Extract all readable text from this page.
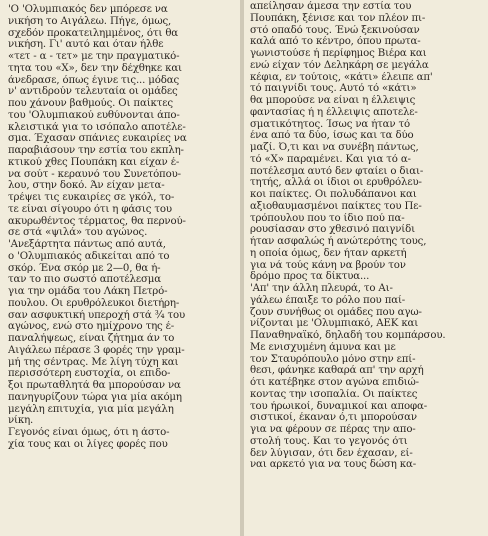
'Ο 'Ολυμπιακός δεν μπόρεσε να
νικήση το Αιγάλεω. Πήγε, όμως,
σχεδόν προκατειλημμένος, ότι θα
νικήση. Γι' αυτό και όταν ήλθε
«τετ - α - τετ» με την πραγματικό-
τητα του «Χ», δεν την δέχθηκε και
άνεδρασε, όπως έγινε τις... μόδας
ν' αντιδρούν τελευταία οι ομάδες
που χάνουν βαθμούς. Οι παίκτες
του 'Ολυμπιακού ευθύνονται άπο-
κλειστικά για το ισόπαλο αποτέλε-
σμα. Έχασαν σπάνιες ευκαιρίες να
παραβιάσουν την εστία του εκπλη-
κτικού χθες Πουπάκη και είχαν έ-
να σούτ - κεραυνό του Συνετόπου-
λου, στην δοκό. Άν είχαν μετα-
τρέψει τις ευκαιρίες σε γκόλ, το-
τε είναι σίγουρο ότι η φάσις του
ακυρωθέντος τέρματος, θα περνού-
σε στά «ψιλά» του αγώνος.
'Ανεξάρτητα πάντως από αυτά,
ο 'Ολυμπιακός αδικείται από το
σκόρ. Ένα σκόρ με 2—0, θα ή-
ταν το πιο σωστό αποτέλεσμα
για την ομάδα του Λάκη Πετρό-
πουλου. Οι ερυθρόλευκοι διετήρη-
σαν ασφυκτική υπεροχή στά ¾ του
αγώνος, ενώ στο ημίχρονο της έ-
παναλήψεως, είναι ζήτημα άν το
Αιγάλεω πέρασε 3 φορές την γραμ-
μή της σέντρας. Με λίγη τύχη και
περισσότερη ευστοχία, οι επιδο-
ξοι πρωταθλητά θα μπορούσαν να
πανηγυρίζουν τώρα για μία ακόμη
μεγάλη επιτυχία, για μία μεγάλη
νίκη.
Γεγονός είναι όμως, ότι η άστο-
χία τους και οι λίγες φορές που
απείλησαν άμεσα την εστία του
Πουπάκη, ξένισε και τον πλέον πι-
στό οπαδό τους. Ένώ ξεκινούσαν
καλά από το κέντρο, όπου πρωτα-
γωνιστούσε ή περίφημος Βιέρα και
ενώ είχαν τόν Δεληκάρη σε μεγάλα
κέφια, εν τούτοις, «κάτι» έλειπε απ'
τό παιγνίδι τους. Αυτό τό «κάτι»
θα μπορούσε να είναι η έλλειψις
φαντασίας ή η έλλειψις αποτελε-
σματικότητος. Ίσως να ήταν τό
ένα από τα δύο, ίσως και τα δύο
μαζί. Ό,τι και να συνέβη πάντως,
τό «Χ» παραμένει. Και για τό α-
ποτέλεσμα αυτό δεν φταίει ο διαι-
τητής, αλλά οι ίδιοι οι ερυθρόλευ-
κοι παίκτες. Οι πολυδάπανοι και
αξιοθαυμασμένοι παίκτες του Πε-
τρόπουλου που το ίδιο πού πα-
ρουσίασαν στο χθεσινό παιγνίδι
ήταν ασφαλώς ή ανώτερότης τους,
η οποία όμως, δεν ήταν αρκετή
για νά τούς κάνη να βρούν τον
δρόμο προς τα δίκτυα...
'Απ' την άλλη πλευρά, το Αι-
γάλεω έπαιξε το ρόλο που παί-
ζουν συνήθως οι ομάδες που αγω-
νίζονται με 'Ολυμπιακό, ΑΕΚ και
Παναθηναϊκό, δηλαδή του κομπάρσου.
Με ενισχυμένη άμυνα και με
τον Σταυρόπουλο μόνο στην επί-
θεσι, φάνηκε καθαρά απ' την αρχή
ότι κατέβηκε στον αγώνα επιδιώ-
κοντας την ισοπαλία. Οι παίκτες
του ήρωικοί, δυναμικοί και αποφα-
σιστικοί, έκαναν ό,τι μπορούσαν
για να φέρουν σε πέρας την απο-
στολή τους. Και το γεγονός ότι
δεν λύγισαν, ότι δεν έχασαν, εί-
ναι αρκετό για να τους δώση κα-
